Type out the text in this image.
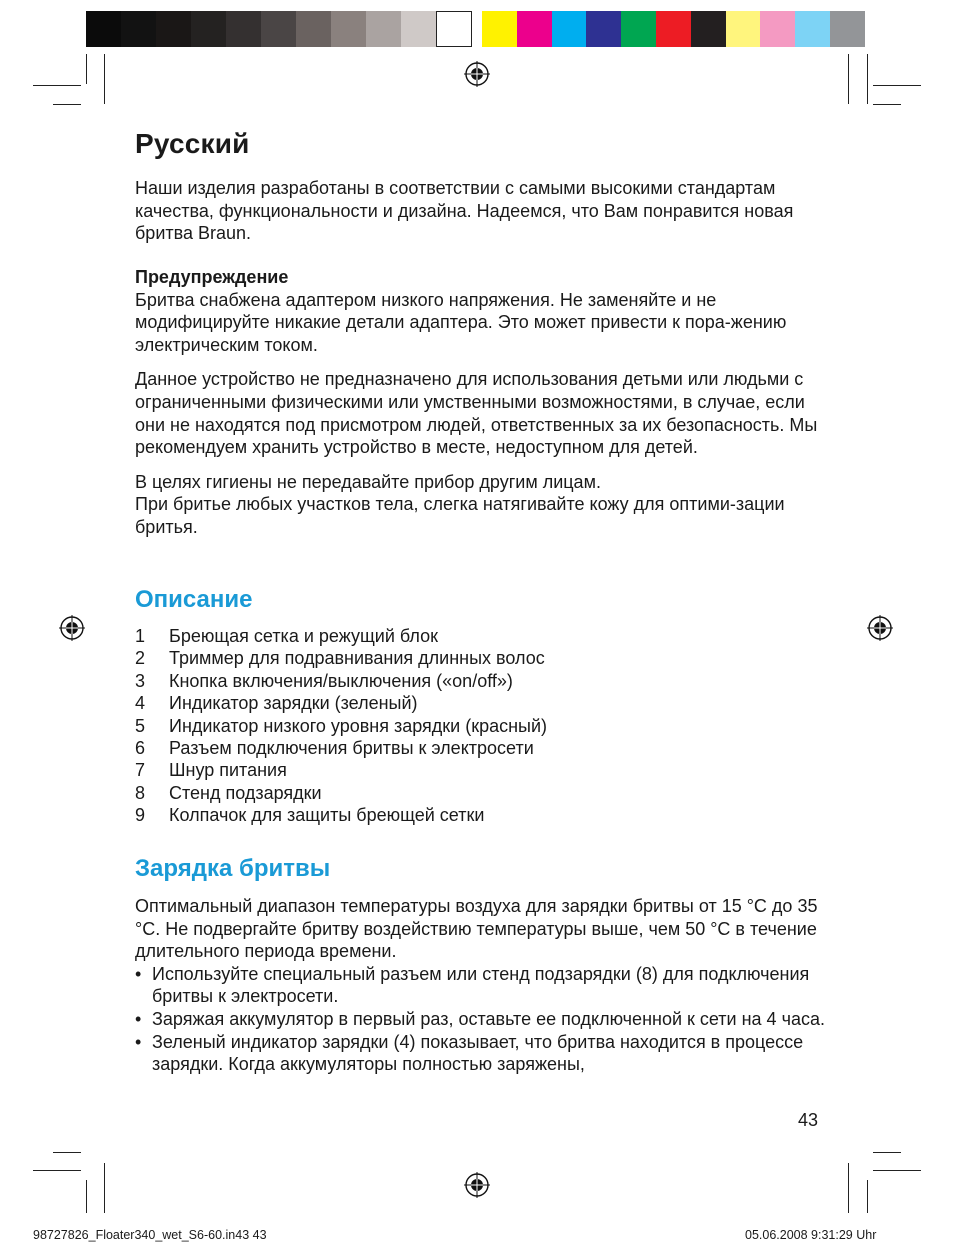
Русский

Наши изделия разработаны в соответствии с самыми высокими стандартам качества, функциональности и дизайна. Надеемся, что Вам понравится новая бритва Braun.

Предупреждение

Бритва снабжена адаптером низкого напряжения. Не заменяйте и не модифицируйте никакие детали адаптера. Это может привести к пора-жению электрическим током.

Данное устройство не предназначено для использования детьми или людьми с ограниченными физическими или умственными возможностями, в случае, если они не находятся под присмотром людей, ответственных за их безопасность. Мы рекомендуем хранить устройство в месте, недоступном для детей.

В целях гигиены не передавайте прибор другим лицам.

При бритье любых участков тела, слегка натягивайте кожу для оптими-зации бритья.

Описание
1	Бреющая сетка и режущий блок
2	Триммер для подравнивания длинных волос
3	Кнопка включения/выключения («on/off»)
4	Индикатор зарядки (зеленый)
5	Индикатор низкого уровня зарядки (красный)
6	Разъем подключения бритвы к электросети
7	Шнур питания
8	Стенд подзарядки
9	Колпачок для защиты бреющей сетки
Зарядка бритвы

Оптимальный диапазон температуры воздуха для зарядки бритвы от 15 °C до 35 °C. Не подвергайте бритву воздействию температуры выше, чем 50 °C в течение длительного периода времени.

• Используйте специальный разъем или стенд подзарядки (8) для подключения бритвы к электросети.
• Заряжая аккумулятор в первый раз, оставьте ее подключенной к сети на 4 часа.
• Зеленый индикатор зарядки (4) показывает, что бритва находится в процессе зарядки. Когда аккумуляторы полностью заряжены,
43
98727826_Floater340_wet_S6-60.in43 43	05.06.2008 9:31:29 Uhr
